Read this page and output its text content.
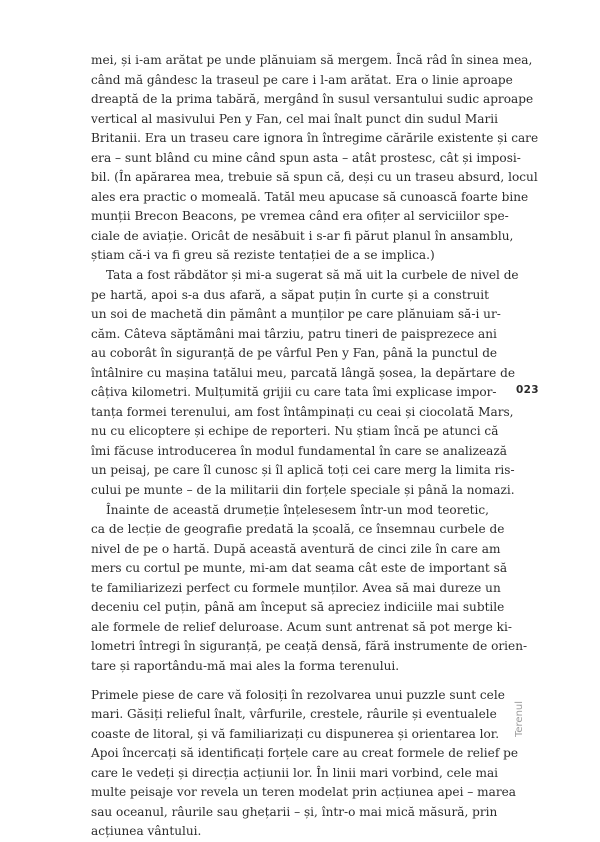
mei, și i-am arătat pe unde plănuiam să mergem. Încă râd în sinea mea,
când mă gândesc la traseul pe care i l-am arătat. Era o linie aproape
dreaptă de la prima tabără, mergând în susul versantului sudic aproape
vertical al masivului Pen y Fan, cel mai înalt punct din sudul Marii
Britanii. Era un traseu care ignora în întregime cărările existente și care
era – sunt blând cu mine când spun asta – atât prostesc, cât și imposi-
bil. (În apărarea mea, trebuie să spun că, deși cu un traseu absurd, locul
ales era practic o momeală. Tatăl meu apucase să cunoască foarte bine
munții Brecon Beacons, pe vremea când era ofițer al serviciilor spe-
ciale de aviație. Oricât de nesăbuit i s-ar fi părut planul în ansamblu,
știam că-i va fi greu să reziste tentației de a se implica.)
Tata a fost răbdător și mi-a sugerat să mă uit la curbele de nivel de
pe hartă, apoi s-a dus afară, a săpat puțin în curte și a construit
un soi de machetă din pământ a munților pe care plănuiam să-i ur-
căm. Câteva săptămâni mai târziu, patru tineri de paisprezece ani
au coborât în siguranță de pe vârful Pen y Fan, până la punctul de
întâlnire cu mașina tatălui meu, parcată lângă șosea, la depărtare de
câțiva kilometri. Mulțumită grijii cu care tata îmi explicase impor-
tanța formei terenului, am fost întâmpinați cu ceai și ciocolată Mars,
nu cu elicoptere și echipe de reporteri. Nu știam încă pe atunci că
îmi făcuse introducerea în modul fundamental în care se analizează
un peisaj, pe care îl cunosc și îl aplică toți cei care merg la limita ris-
cului pe munte – de la militarii din forțele speciale și până la nomazi.
Înainte de această drumeție înțelesesem într-un mod teoretic,
ca de lecție de geografie predată la școală, ce însemnau curbele de
nivel de pe o hartă. După această aventură de cinci zile în care am
mers cu cortul pe munte, mi-am dat seama cât este de important să
te familiarizezi perfect cu formele munților. Avea să mai dureze un
deceniu cel puțin, până am început să apreciez indiciile mai subtile
ale formele de relief deluroase. Acum sunt antrenat să pot merge ki-
lometri întregi în siguranță, pe ceață densă, fără instrumente de orien-
tare și raportându-mă mai ales la forma terenului.
Primele piese de care vă folosiți în rezolvarea unui puzzle sunt cele
mari. Găsiți relieful înalt, vârfurile, crestele, râurile și eventualele
coaste de litoral, și vă familiarizați cu dispunerea și orientarea lor.
Apoi încercați să identificați forțele care au creat formele de relief pe
care le vedeți și direcția acțiunii lor. În linii mari vorbind, cele mai
multe peisaje vor revela un teren modelat prin acțiunea apei – marea
sau oceanul, râurile sau ghețarii – și, într-o mai mică măsură, prin
acțiunea vântului.
023
Terenul
